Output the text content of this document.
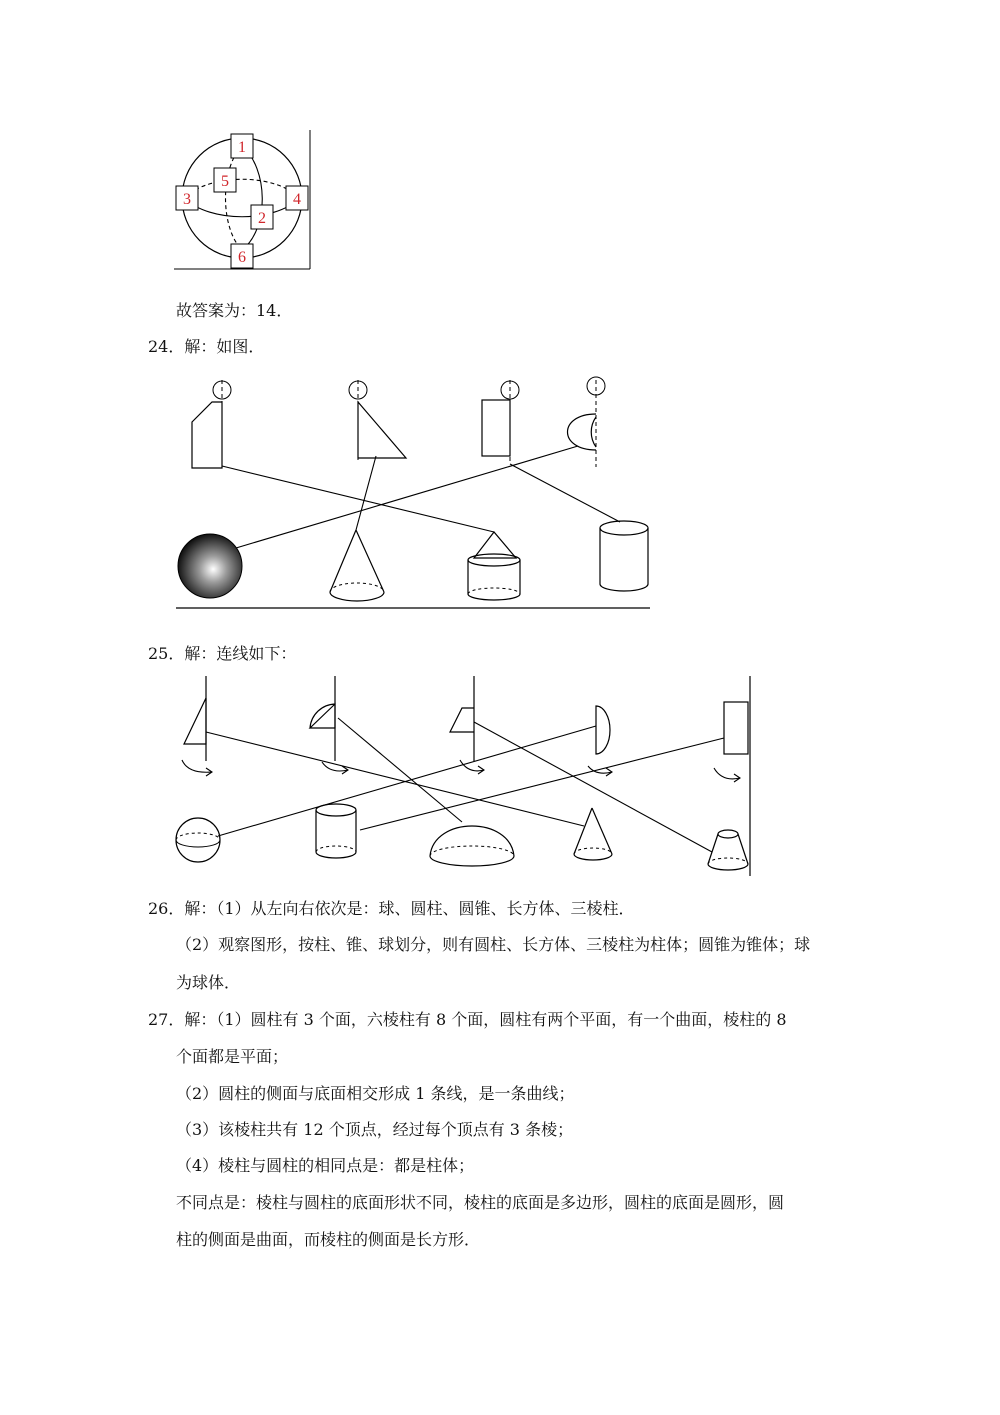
1
5
3	4
2
6
故答案为：14．
24．解：如图．
25．解：连线如下：
26．解：（1）从左向右依次是：球、圆柱、圆锥、长方体、三棱柱．
（2）观察图形，按柱、锥、球划分，则有圆柱、长方体、三棱柱为柱体；圆锥为锥体；球
为球体．
27．解：（1）圆柱有 3 个面，六棱柱有 8 个面，圆柱有两个平面，有一个曲面，棱柱的 8
个面都是平面；
（2）圆柱的侧面与底面相交形成 1 条线，是一条曲线；
（3）该棱柱共有 12 个顶点，经过每个顶点有 3 条棱；
（4）棱柱与圆柱的相同点是：都是柱体；
不同点是：棱柱与圆柱的底面形状不同，棱柱的底面是多边形，圆柱的底面是圆形，圆
柱的侧面是曲面，而棱柱的侧面是长方形．
